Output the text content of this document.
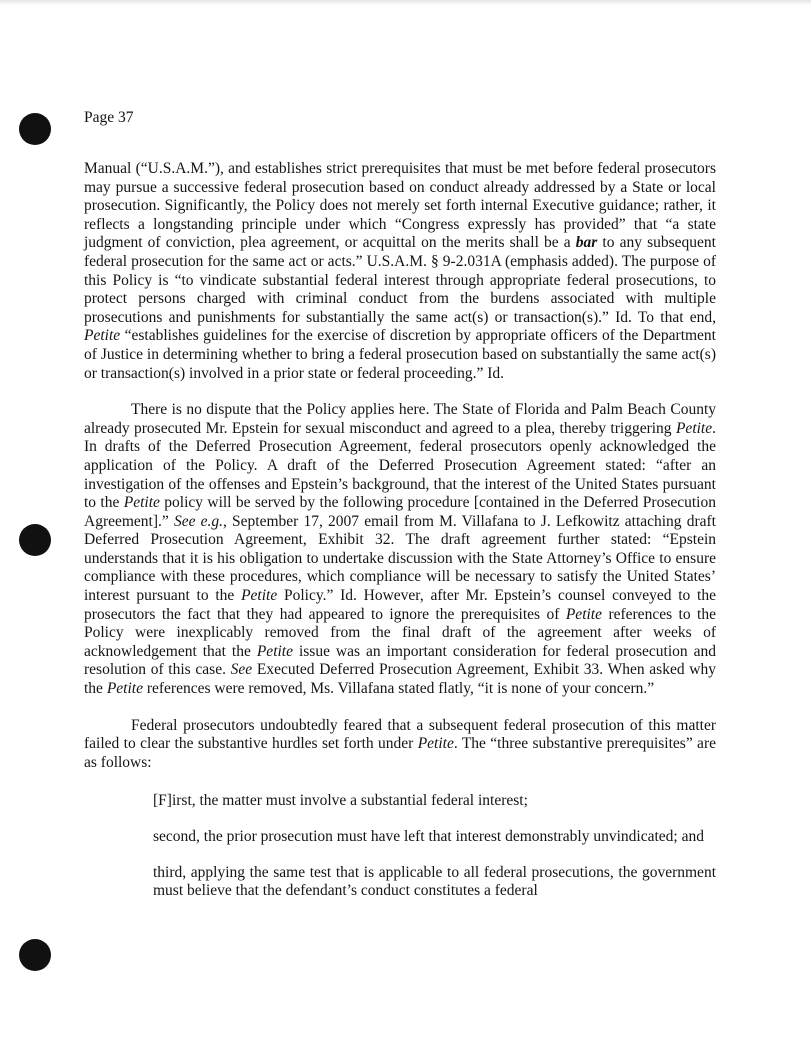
Page 37

Manual (“U.S.A.M.”), and establishes strict prerequisites that must be met before federal prosecutors may pursue a successive federal prosecution based on conduct already addressed by a State or local prosecution. Significantly, the Policy does not merely set forth internal Executive guidance; rather, it reflects a longstanding principle under which “Congress expressly has provided” that “a state judgment of conviction, plea agreement, or acquittal on the merits shall be a bar to any subsequent federal prosecution for the same act or acts.” U.S.A.M. § 9-2.031A (emphasis added). The purpose of this Policy is “to vindicate substantial federal interest through appropriate federal prosecutions, to protect persons charged with criminal conduct from the burdens associated with multiple prosecutions and punishments for substantially the same act(s) or transaction(s).” Id. To that end, Petite “establishes guidelines for the exercise of discretion by appropriate officers of the Department of Justice in determining whether to bring a federal prosecution based on substantially the same act(s) or transaction(s) involved in a prior state or federal proceeding.” Id.

There is no dispute that the Policy applies here. The State of Florida and Palm Beach County already prosecuted Mr. Epstein for sexual misconduct and agreed to a plea, thereby triggering Petite. In drafts of the Deferred Prosecution Agreement, federal prosecutors openly acknowledged the application of the Policy. A draft of the Deferred Prosecution Agreement stated: “after an investigation of the offenses and Epstein’s background, that the interest of the United States pursuant to the Petite policy will be served by the following procedure [contained in the Deferred Prosecution Agreement].” See e.g., September 17, 2007 email from M. Villafana to J. Lefkowitz attaching draft Deferred Prosecution Agreement, Exhibit 32. The draft agreement further stated: “Epstein understands that it is his obligation to undertake discussion with the State Attorney’s Office to ensure compliance with these procedures, which compliance will be necessary to satisfy the United States’ interest pursuant to the Petite Policy.” Id. However, after Mr. Epstein’s counsel conveyed to the prosecutors the fact that they had appeared to ignore the prerequisites of Petite references to the Policy were inexplicably removed from the final draft of the agreement after weeks of acknowledgement that the Petite issue was an important consideration for federal prosecution and resolution of this case. See Executed Deferred Prosecution Agreement, Exhibit 33. When asked why the Petite references were removed, Ms. Villafana stated flatly, “it is none of your concern.”

Federal prosecutors undoubtedly feared that a subsequent federal prosecution of this matter failed to clear the substantive hurdles set forth under Petite. The “three substantive prerequisites” are as follows:

[F]irst, the matter must involve a substantial federal interest;

second, the prior prosecution must have left that interest demonstrably unvindicated; and

third, applying the same test that is applicable to all federal prosecutions, the government must believe that the defendant’s conduct constitutes a federal
